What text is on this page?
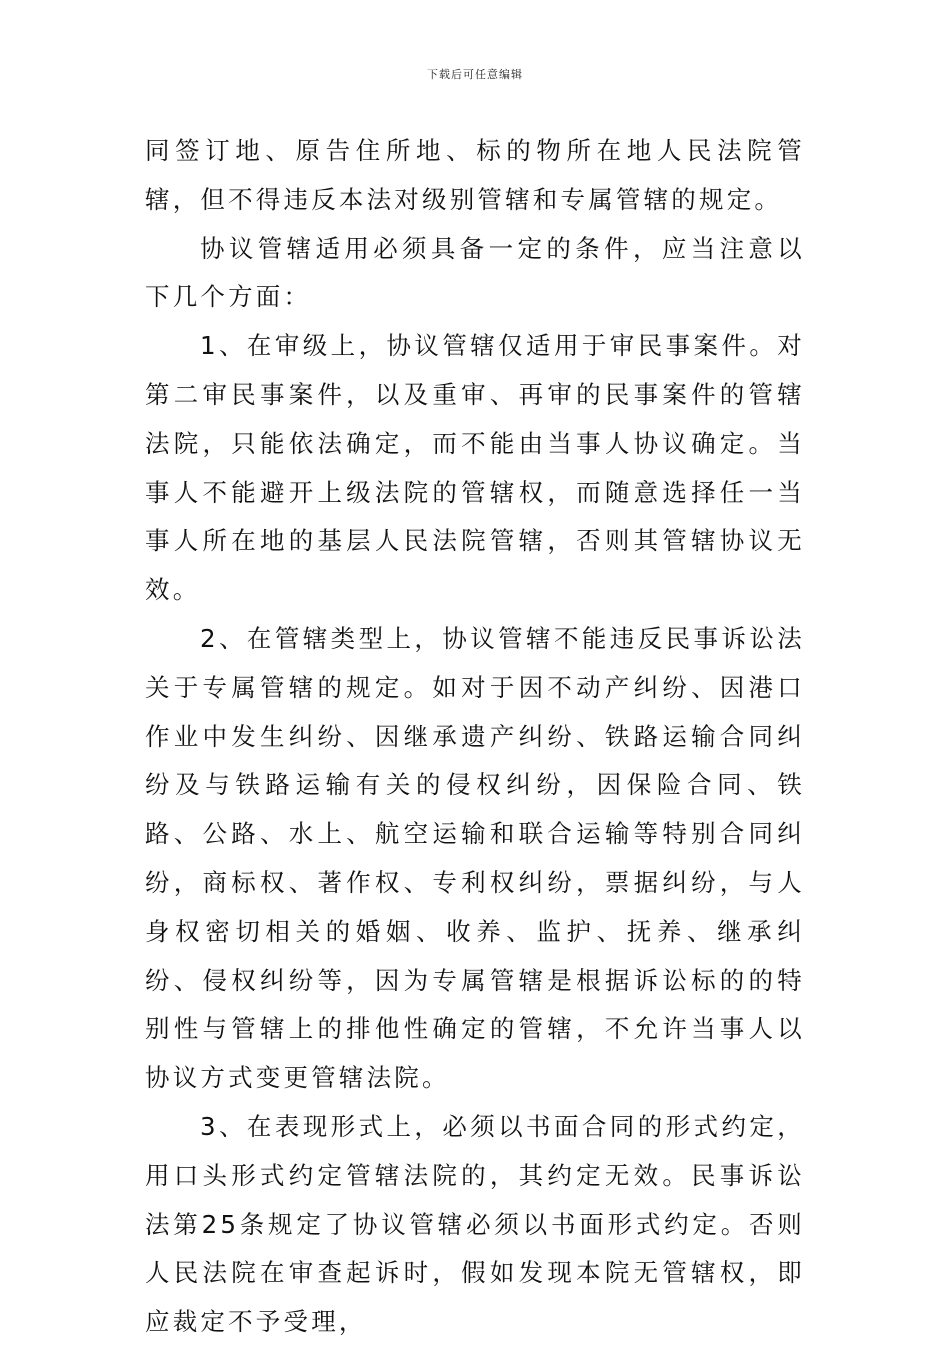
下载后可任意编辑

同签订地、原告住所地、标的物所在地人民法院管辖，但不得违反本法对级别管辖和专属管辖的规定。

协议管辖适用必须具备一定的条件，应当注意以下几个方面：

1、在审级上，协议管辖仅适用于审民事案件。对第二审民事案件，以及重审、再审的民事案件的管辖法院，只能依法确定，而不能由当事人协议确定。当事人不能避开上级法院的管辖权，而随意选择任一当事人所在地的基层人民法院管辖，否则其管辖协议无效。

2、在管辖类型上，协议管辖不能违反民事诉讼法关于专属管辖的规定。如对于因不动产纠纷、因港口作业中发生纠纷、因继承遗产纠纷、铁路运输合同纠纷及与铁路运输有关的侵权纠纷，因保险合同、铁路、公路、水上、航空运输和联合运输等特别合同纠纷，商标权、著作权、专利权纠纷，票据纠纷，与人身权密切相关的婚姻、收养、监护、抚养、继承纠纷、侵权纠纷等，因为专属管辖是根据诉讼标的的特别性与管辖上的排他性确定的管辖，不允许当事人以协议方式变更管辖法院。

3、在表现形式上，必须以书面合同的形式约定，用口头形式约定管辖法院的，其约定无效。民事诉讼法第25条规定了协议管辖必须以书面形式约定。否则人民法院在审查起诉时，假如发现本院无管辖权，即应裁定不予受理，
